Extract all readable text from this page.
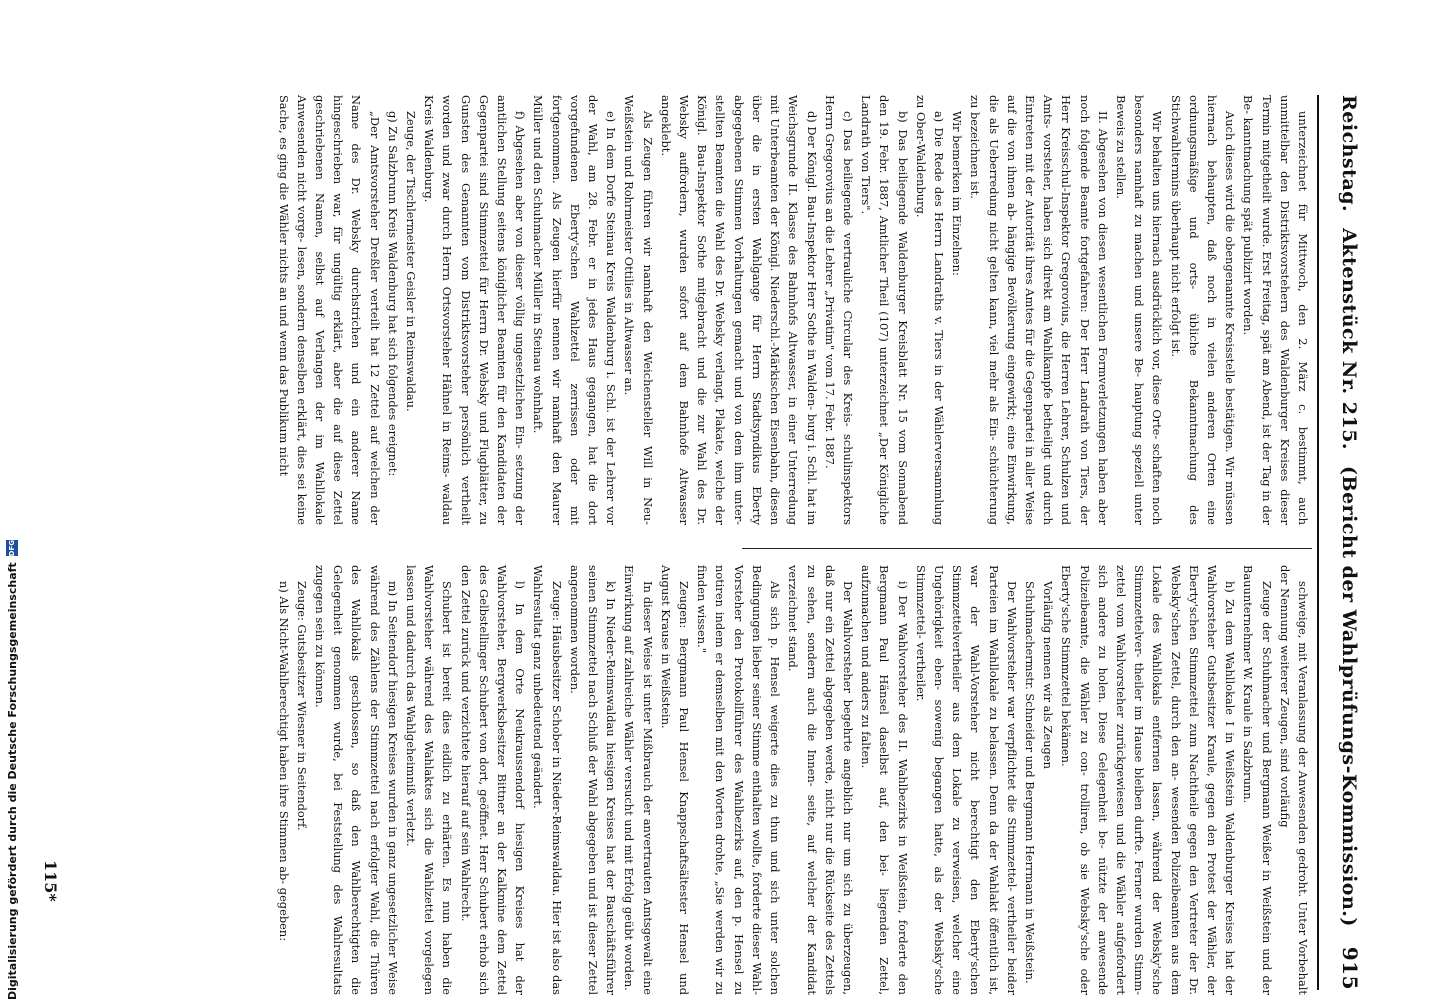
Reichstag.
Aktenstück Nr. 215.
(Bericht der Wahlprüfungs-Kommission.)
915

unterzeichnet für Mittwoch, den 2. März c. bestimmt, auch unmittelbar den Distriktsvorstehern des Waldenburger Kreises dieser Termin mitgetheilt wurde. Erst Freitag, spät am Abend, ist der Tag in der Be- kanntmachung spät publizirt worden.

Auch dieses wird die obengenannte Kreisstelle bestätigen. Wir müssen hiernach behaupten, daß noch in vielen anderen Orten eine ordnungsmäßige und orts- übliche Bekanntmachung des Stichwahltermins überhaupt nicht erfolgt ist.

Wir behalten uns hiernach ausdrücklich vor, diese Orte- schaften noch besonders namhaft zu machen und unsere Be- hauptung speziell unter Beweis zu stellen.

II. Abgesehen von diesen wesentlichen Formverletzungen haben aber noch folgende Beamte fortgefahren: Der Herr Landrath von Tiers, der Herr Kreisschul-Inspektor Gregorovius, die Herren Lehrer, Schulzen und Amts- vorsteher, haben sich direkt am Wahlkampfe betheiligt und durch Eintreten mit der Autorität ihres Amtes für die Gegenpartei in aller Weise auf die von ihnen ab- hängige Bevölkerung eingewirkt; eine Einwirkung, die als Ueberredung nicht gelten kann, viel mehr als Ein- schüchterung zu bezeichnen ist.

Wir bemerken im Einzelnen:

a) Die Rede des Herrn Landraths v. Tiers in der Wählerversammlung zu Ober-Waldenburg.

b) Das beiliegende Waldenburger Kreisblatt Nr. 15 vom Sonnabend den 19. Febr. 1887, Amtlicher Theil (107) unterzeichnet „Der Königliche Landrath von Tiers".

c) Das beiliegende vertrauliche Circular des Kreis- schulinspektors Herrn Gregorovius an die Lehrer „Privatim" vom 17. Febr. 1887.

d) Der Königl. Bau-Inspektor Herr Sothe in Walden- burg i. Schl. hat im Weichsgrunde II. Klasse des Bahnhofs Altwasser, in einer Unterredung mit Unterbeamten der Königl. Niederschl.-Märkischen Eisenbahn, diesen über die in ersten Wahlgange für Herrn Stadtsyndikus Eberty abgegebenen Stimmen Vorhaltungen gemacht und von dem ihm unter- stellten Beamten die Wahl des Dr. Websky verlangt, Plakate, welche der Königl. Bau-Inspektor Sothe mitgebracht und die zur Wahl des Dr. Websky auffordern, wurden sofort auf dem Bahnhofe Altwasser angeklebt.

Als Zeugen führen wir namhaft den Weichensteller Will in Neu-Weißstein und Rohrmeister Ottilies in Altwasser an.

e) In dem Dorfe Steinau Kreis Waldenburg i. Schl. ist der Lehrer vor der Wahl, am 28. Febr. er in jedes Haus gegangen, hat die dort vorgefundenen Eberty'schen Wahlzettel zerrissen oder mit fortgenommen. Als Zeugen hierfür nennen wir namhaft den Maurer Müller und den Schuhmacher Müller in Steinau wohnhaft.

f) Abgesehen aber von dieser völlig ungesetzlichen Ein- setzung der amtlichen Stellung seitens königlicher Beamten für den Kandidaten der Gegenpartei sind Stimmzettel für Herrn Dr. Websky und Flugblätter, zu Gunsten des Genannten vom Distriktsvorsteher persönlich vertheilt worden und zwar durch Herrn Ortsvorsteher Hähnel in Reims- waldau Kreis Waldenburg.

Zeuge, der Tischlermeister Geisler in Reimswaldau.

g) Zu Salzbrunn Kreis Waldenburg hat sich folgendes ereignet:

„Der Amtsvorsteher Dreßler verteilt hat 12 Zettel auf welchen der Name des Dr. Websky durchstrichen und ein anderer Name hingeschrieben war, für ungültig erklärt, aber die auf diese Zettel geschriebenen Namen, selbst auf Verlangen der im Wahllokale Anwesenden nicht vorge- lesen, sondern denselben erklärt, dies sei keine Sache, es ging die Wähler nichts an und wenn das Publikum nicht

schweige, mit Veranlassung der Anwesenden gedroht. Unter Vorbehalt der Nennung weiterer Zeugen, sind vorläufig

Zeuge der Schuhmacher und Bergmann Weißer in Weißstein und der Bauunternehmer W. Kraule in Salzbrunn.

h) Zu dem Wahllokale I in Weißstein Waldenburger Kreises hat der Wahlvorsteher Gutsbesitzer Kraule, gegen den Protest der Wähler, der Eberty'schen Stimmzettel zum Nachtheile gegen den Vertreter der Dr. Websky'schen Zettel, durch den an- wesenden Polizeibeamten aus dem Lokale des Wahllokals entfernen lassen, während der Websky'sche Stimmzettelver- theiler im Hause bleiben durfte. Ferner wurden Stimm- zettel vom Wahlvorsteher zurückgewiesen und die Wähler aufgefordert sich andere zu holen. Diese Gelegenheit be- nützte der anwesende Polizeibeamte, die Wähler zu con- trolliren, ob sie Websky'sche oder Eberty'sche Stimmzettel bekämen.

Vorläufig nennen wir als Zeugen

Schuhmachermstr. Schneider und Bergmann Herrmann in Weißstein.

Der Wahlvorsteher war verpflichtet die Stimmzettel- vertheiler beider Parteien im Wahllokale zu belassen. Denn da der Wahlakt öffentlich ist, war der Wahl-Vorsteher nicht berechtigt den Eberty'schen Stimmzettelvertheiler aus dem Lokale zu verweisen, welcher eine Ungehörigkeit eben- sowenig begangen hatte, als der Websky'sche Stimmzettel- vertheiler.

i) Der Wahlvorsteher des II. Wahlbezirks in Weißstein, forderte den Bergmann Paul Hänsel daselbst auf, den bei- liegenden Zettel, aufzumachen und anders zu falten.

Der Wahlvorsteher begehrte angeblich nur um sich zu überzeugen, daß nur ein Zettel abgegeben werde, nicht nur die Rückseite des Zettels zu sehen, sondern auch die Innen- seite, auf welcher der Kandidat verzeichnet stand.

Als sich p. Hensel weigerte dies zu thun und sich unter solchen Bedingungen lieber seiner Stimme enthalten wollte, forderte dieser Wahl-Vorsteher den Protokollführer des Wahlbezirks auf, den p. Hensel zu notiren indem er demselben mit den Worten drohte, „Sie werden wir zu finden wissen."

Zeugen: Bergmann Paul Hensel Knappschaftsältester Hensel und August Krause in Weißstein.

In dieser Weise ist unter Mißbrauch der anvertrauten Amtsgewalt eine Einwirkung auf zahlreiche Wähler versucht und mit Erfolg geübt worden.

k) In Nieder-Reimswaldau hiesigen Kreises hat der Bauschäftsführer seinen Stimmzettel nach Schluß der Wahl abgegeben und ist dieser Zettel angenommen worden.

Zeuge: Häusbesitzer Schober in Nieder-Reimswaldau. Hier ist also das Wahlresultat ganz unbedeutend geändert.

l) In dem Orte Neukraussendorf hiesigen Kreises hat der Wahlvorsteher, Bergwerksbesitzer Bittner an der Kalkmine dem Zettel des Gelbstellinger Schubert von dort, geöffnet. Herr Schubert erhob sich den Zettel zurück und verzichtete hierauf auf sein Wahlrecht.

Schubert ist bereit dies eidlich zu erhärten. Es nun haben die Wahlvorsteher während des Wahlaktes sich die Wahlzettel vorgelegen lassen und dadurch das Wahlgeheimniß verletzt.

m) In Seitendorf hiesigen Kreises wurden in ganz ungesetzlicher Weise während des Zählens der Stimmzettel nach erfolgter Wahl, die Thüren des Wahllokals geschlossen, so daß den Wahlberechtigten die Gelegenheit genommen wurde, bei Feststellung des Wahlresultats zugegen sein zu können.

Zeuge: Gutsbesitzer Wiesner in Seitendorf.

n) Als Nicht-Wahlberechtigt haben ihre Stimmen ab- gegeben:

115*
Digitalisierung gefördert durch die Deutsche Forschungsgemeinschaft
DFG
